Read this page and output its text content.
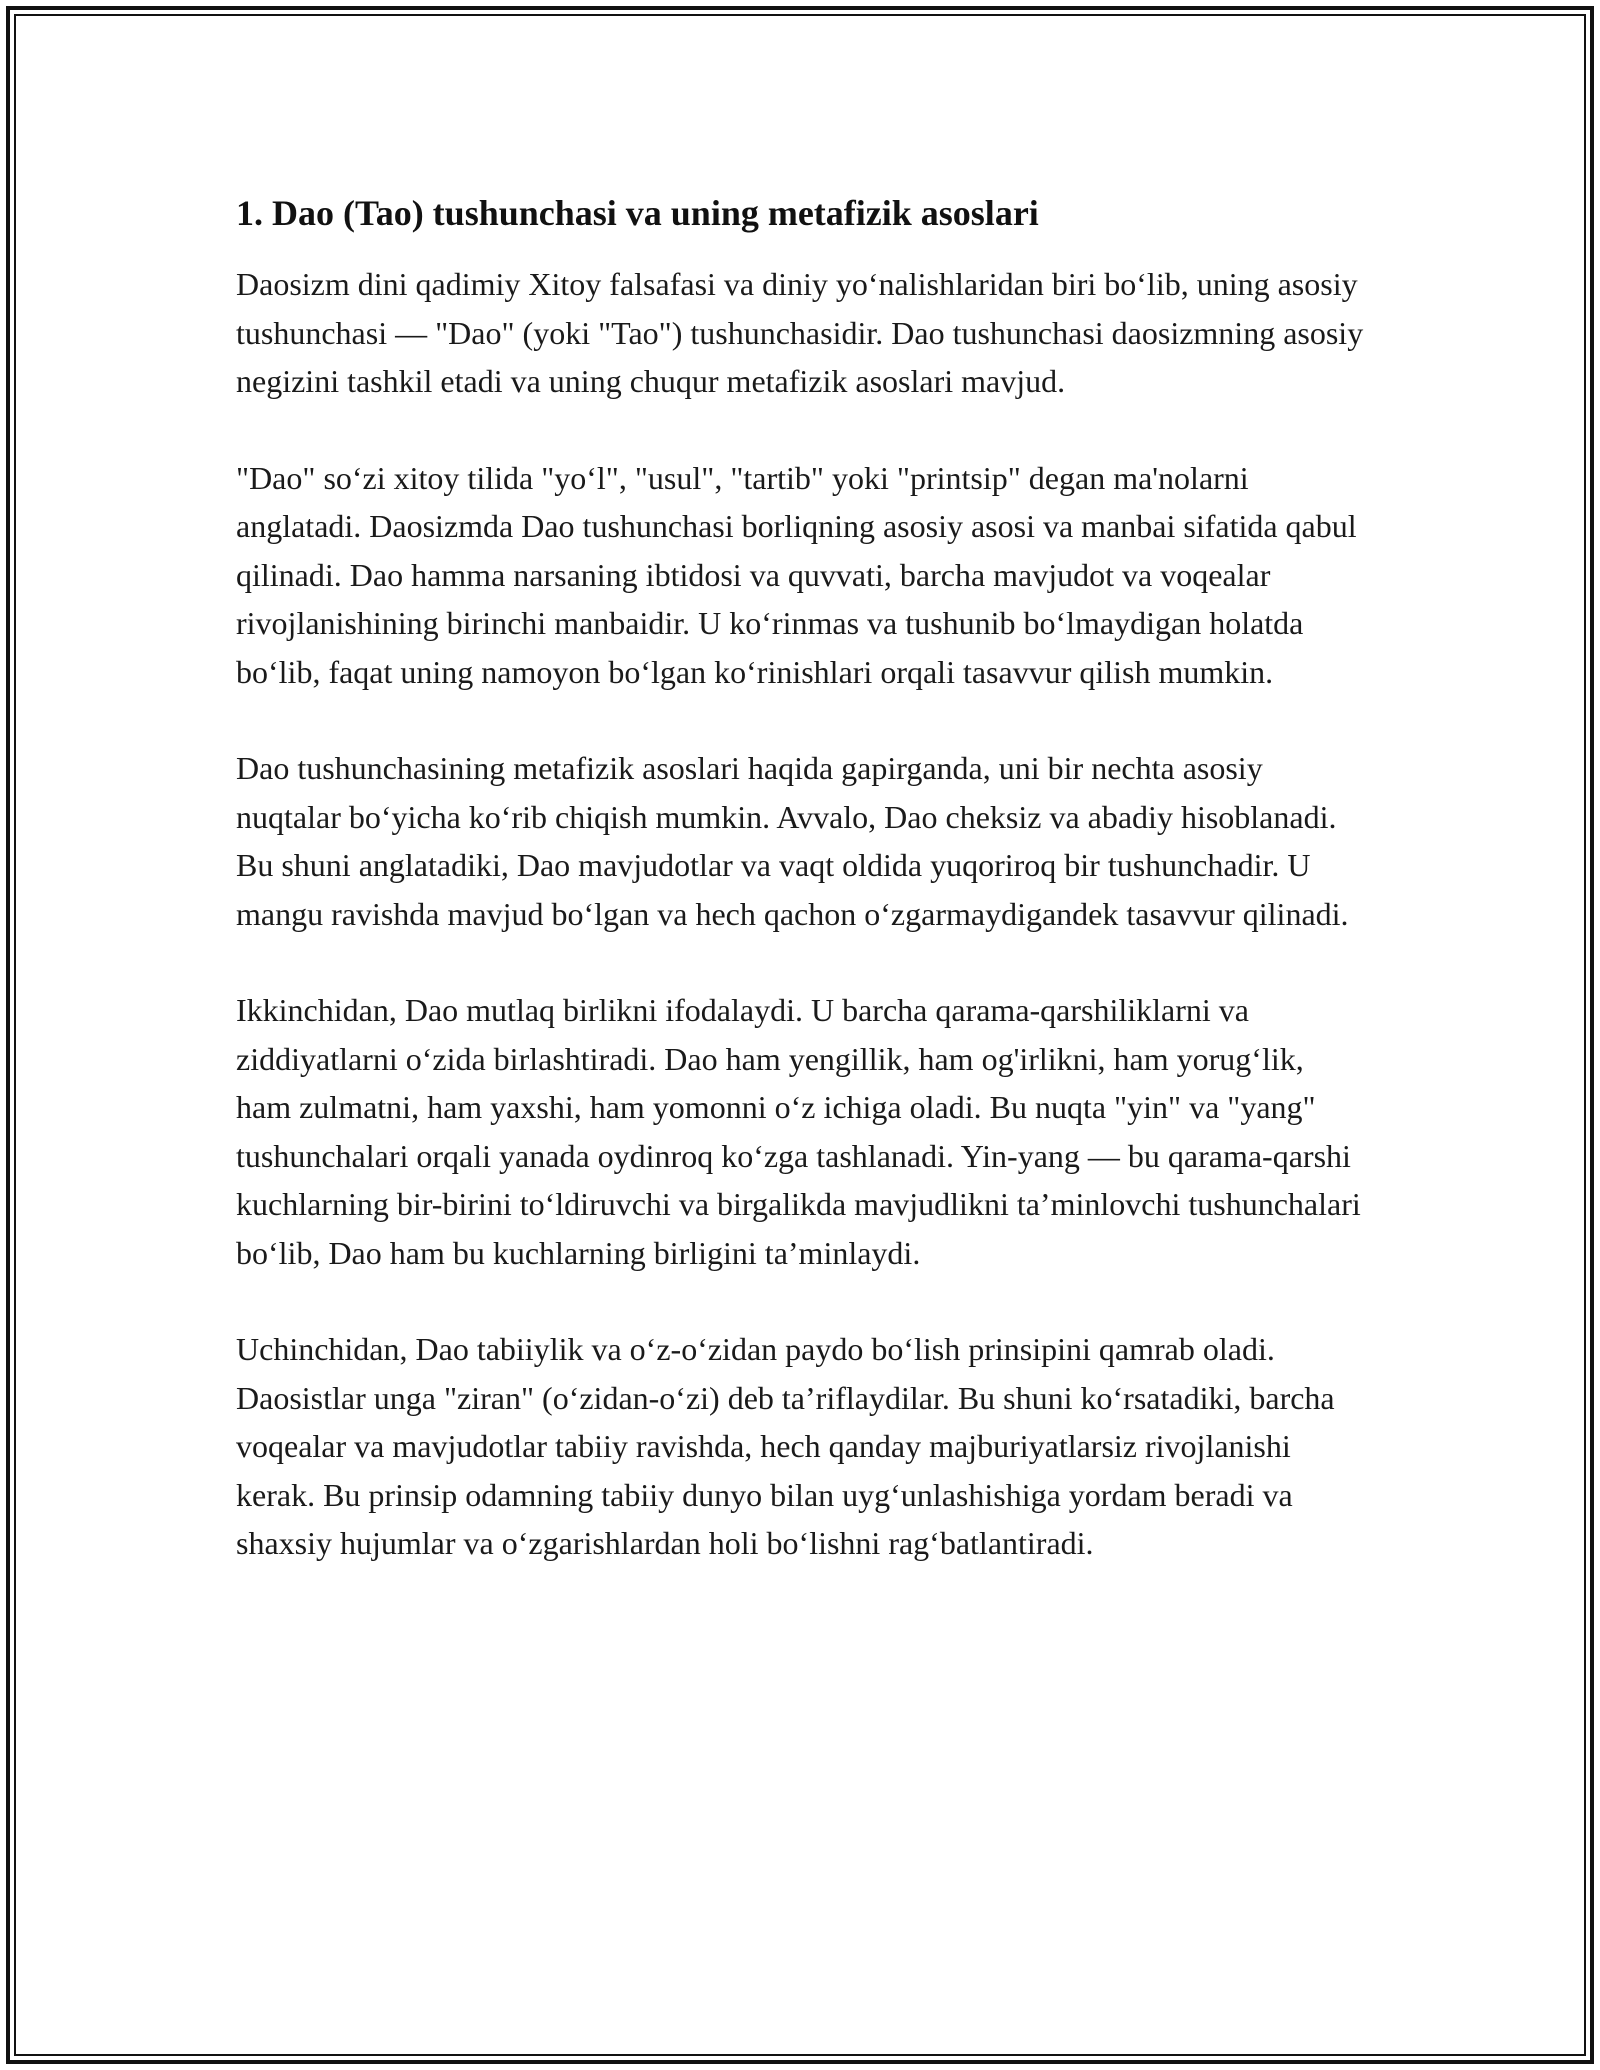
1. Dao (Tao) tushunchasi va uning metafizik asoslari

Daosizm dini qadimiy Xitoy falsafasi va diniy yo‘nalishlaridan biri bo‘lib, uning asosiy tushunchasi — "Dao" (yoki "Tao") tushunchasidir. Dao tushunchasi daosizmning asosiy negizini tashkil etadi va uning chuqur metafizik asoslari mavjud.

"Dao" so‘zi xitoy tilida "yo‘l", "usul", "tartib" yoki "printsip" degan ma'nolarni anglatadi. Daosizmda Dao tushunchasi borliqning asosiy asosi va manbai sifatida qabul qilinadi. Dao hamma narsaning ibtidosi va quvvati, barcha mavjudot va voqealar rivojlanishining birinchi manbaidir. U ko‘rinmas va tushunib bo‘lmaydigan holatda bo‘lib, faqat uning namoyon bo‘lgan ko‘rinishlari orqali tasavvur qilish mumkin.

Dao tushunchasining metafizik asoslari haqida gapirganda, uni bir nechta asosiy nuqtalar bo‘yicha ko‘rib chiqish mumkin. Avvalo, Dao cheksiz va abadiy hisoblanadi. Bu shuni anglatadiki, Dao mavjudotlar va vaqt oldida yuqoriroq bir tushunchadir. U mangu ravishda mavjud bo‘lgan va hech qachon o‘zgarmaydigandek tasavvur qilinadi.

Ikkinchidan, Dao mutlaq birlikni ifodalaydi. U barcha qarama-qarshiliklarni va ziddiyatlarni o‘zida birlashtiradi. Dao ham yengillik, ham og'irlikni, ham yorug‘lik, ham zulmatni, ham yaxshi, ham yomonni o‘z ichiga oladi. Bu nuqta "yin" va "yang" tushunchalari orqali yanada oydinroq ko‘zga tashlanadi. Yin-yang — bu qarama-qarshi kuchlarning bir-birini to‘ldiruvchi va birgalikda mavjudlikni ta’minlovchi tushunchalari bo‘lib, Dao ham bu kuchlarning birligini ta’minlaydi.

Uchinchidan, Dao tabiiylik va o‘z-o‘zidan paydo bo‘lish prinsipini qamrab oladi. Daosistlar unga "ziran" (o‘zidan-o‘zi) deb ta’riflaydilar. Bu shuni ko‘rsatadiki, barcha voqealar va mavjudotlar tabiiy ravishda, hech qanday majburiyatlarsiz rivojlanishi kerak. Bu prinsip odamning tabiiy dunyo bilan uyg‘unlashishiga yordam beradi va shaxsiy hujumlar va o‘zgarishlardan holi bo‘lishni rag‘batlantiradi.
